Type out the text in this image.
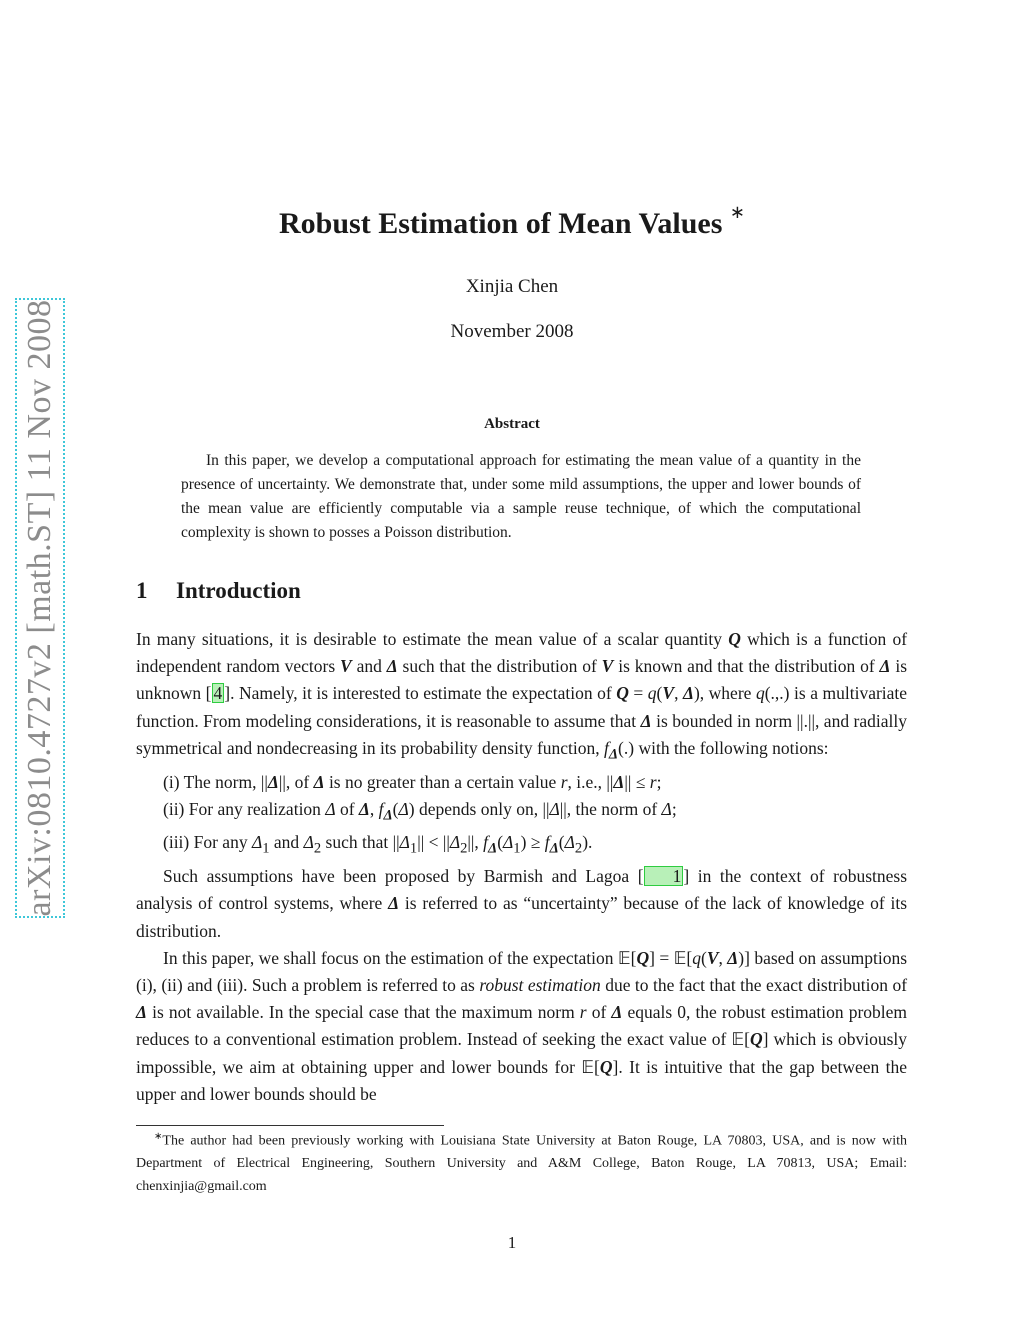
arXiv:0810.4727v2 [math.ST] 11 Nov 2008
Robust Estimation of Mean Values ∗
Xinjia Chen
November 2008
Abstract
In this paper, we develop a computational approach for estimating the mean value of a quantity in the presence of uncertainty. We demonstrate that, under some mild assumptions, the upper and lower bounds of the mean value are efficiently computable via a sample reuse technique, of which the computational complexity is shown to posses a Poisson distribution.
1 Introduction

In many situations, it is desirable to estimate the mean value of a scalar quantity Q which is a function of independent random vectors V and Δ such that the distribution of V is known and that the distribution of Δ is unknown [ 4 ]. Namely, it is interested to estimate the expectation of Q = q(V, Δ), where q(.,.) is a multivariate function. From modeling considerations, it is reasonable to assume that Δ is bounded in norm ||.||, and radially symmetrical and nondecreasing in its probability density function, $f_\Delta(.)$ with the following notions:

(i) The norm, ||Δ||, of Δ is no greater than a certain value r, i.e., ||Δ|| ≤ r;

(ii) For any realization Δ of Δ, $f_\Delta(\Delta)$ depends only on, ||Δ||, the norm of Δ;

(iii) For any $\Delta_1$ and $\Delta_2$ such that $||\Delta_1|| < ||\Delta_2||$, $f_\Delta(\Delta_1) \ge f_\Delta(\Delta_2)$.

Such assumptions have been proposed by Barmish and Lagoa [ 1 ] in the context of robustness analysis of control systems, where Δ is referred to as “uncertainty” because of the lack of knowledge of its distribution.

In this paper, we shall focus on the estimation of the expectation 𝔼[Q] = 𝔼[q(V, Δ)] based on assumptions (i), (ii) and (iii). Such a problem is referred to as robust estimation due to the fact that the exact distribution of Δ is not available. In the special case that the maximum norm r of Δ equals 0, the robust estimation problem reduces to a conventional estimation problem. Instead of seeking the exact value of 𝔼[Q] which is obviously impossible, we aim at obtaining upper and lower bounds for 𝔼[Q]. It is intuitive that the gap between the upper and lower bounds should be

∗The author had been previously working with Louisiana State University at Baton Rouge, LA 70803, USA, and is now with Department of Electrical Engineering, Southern University and A&M College, Baton Rouge, LA 70813, USA; Email: chenxinjia@gmail.com
1
